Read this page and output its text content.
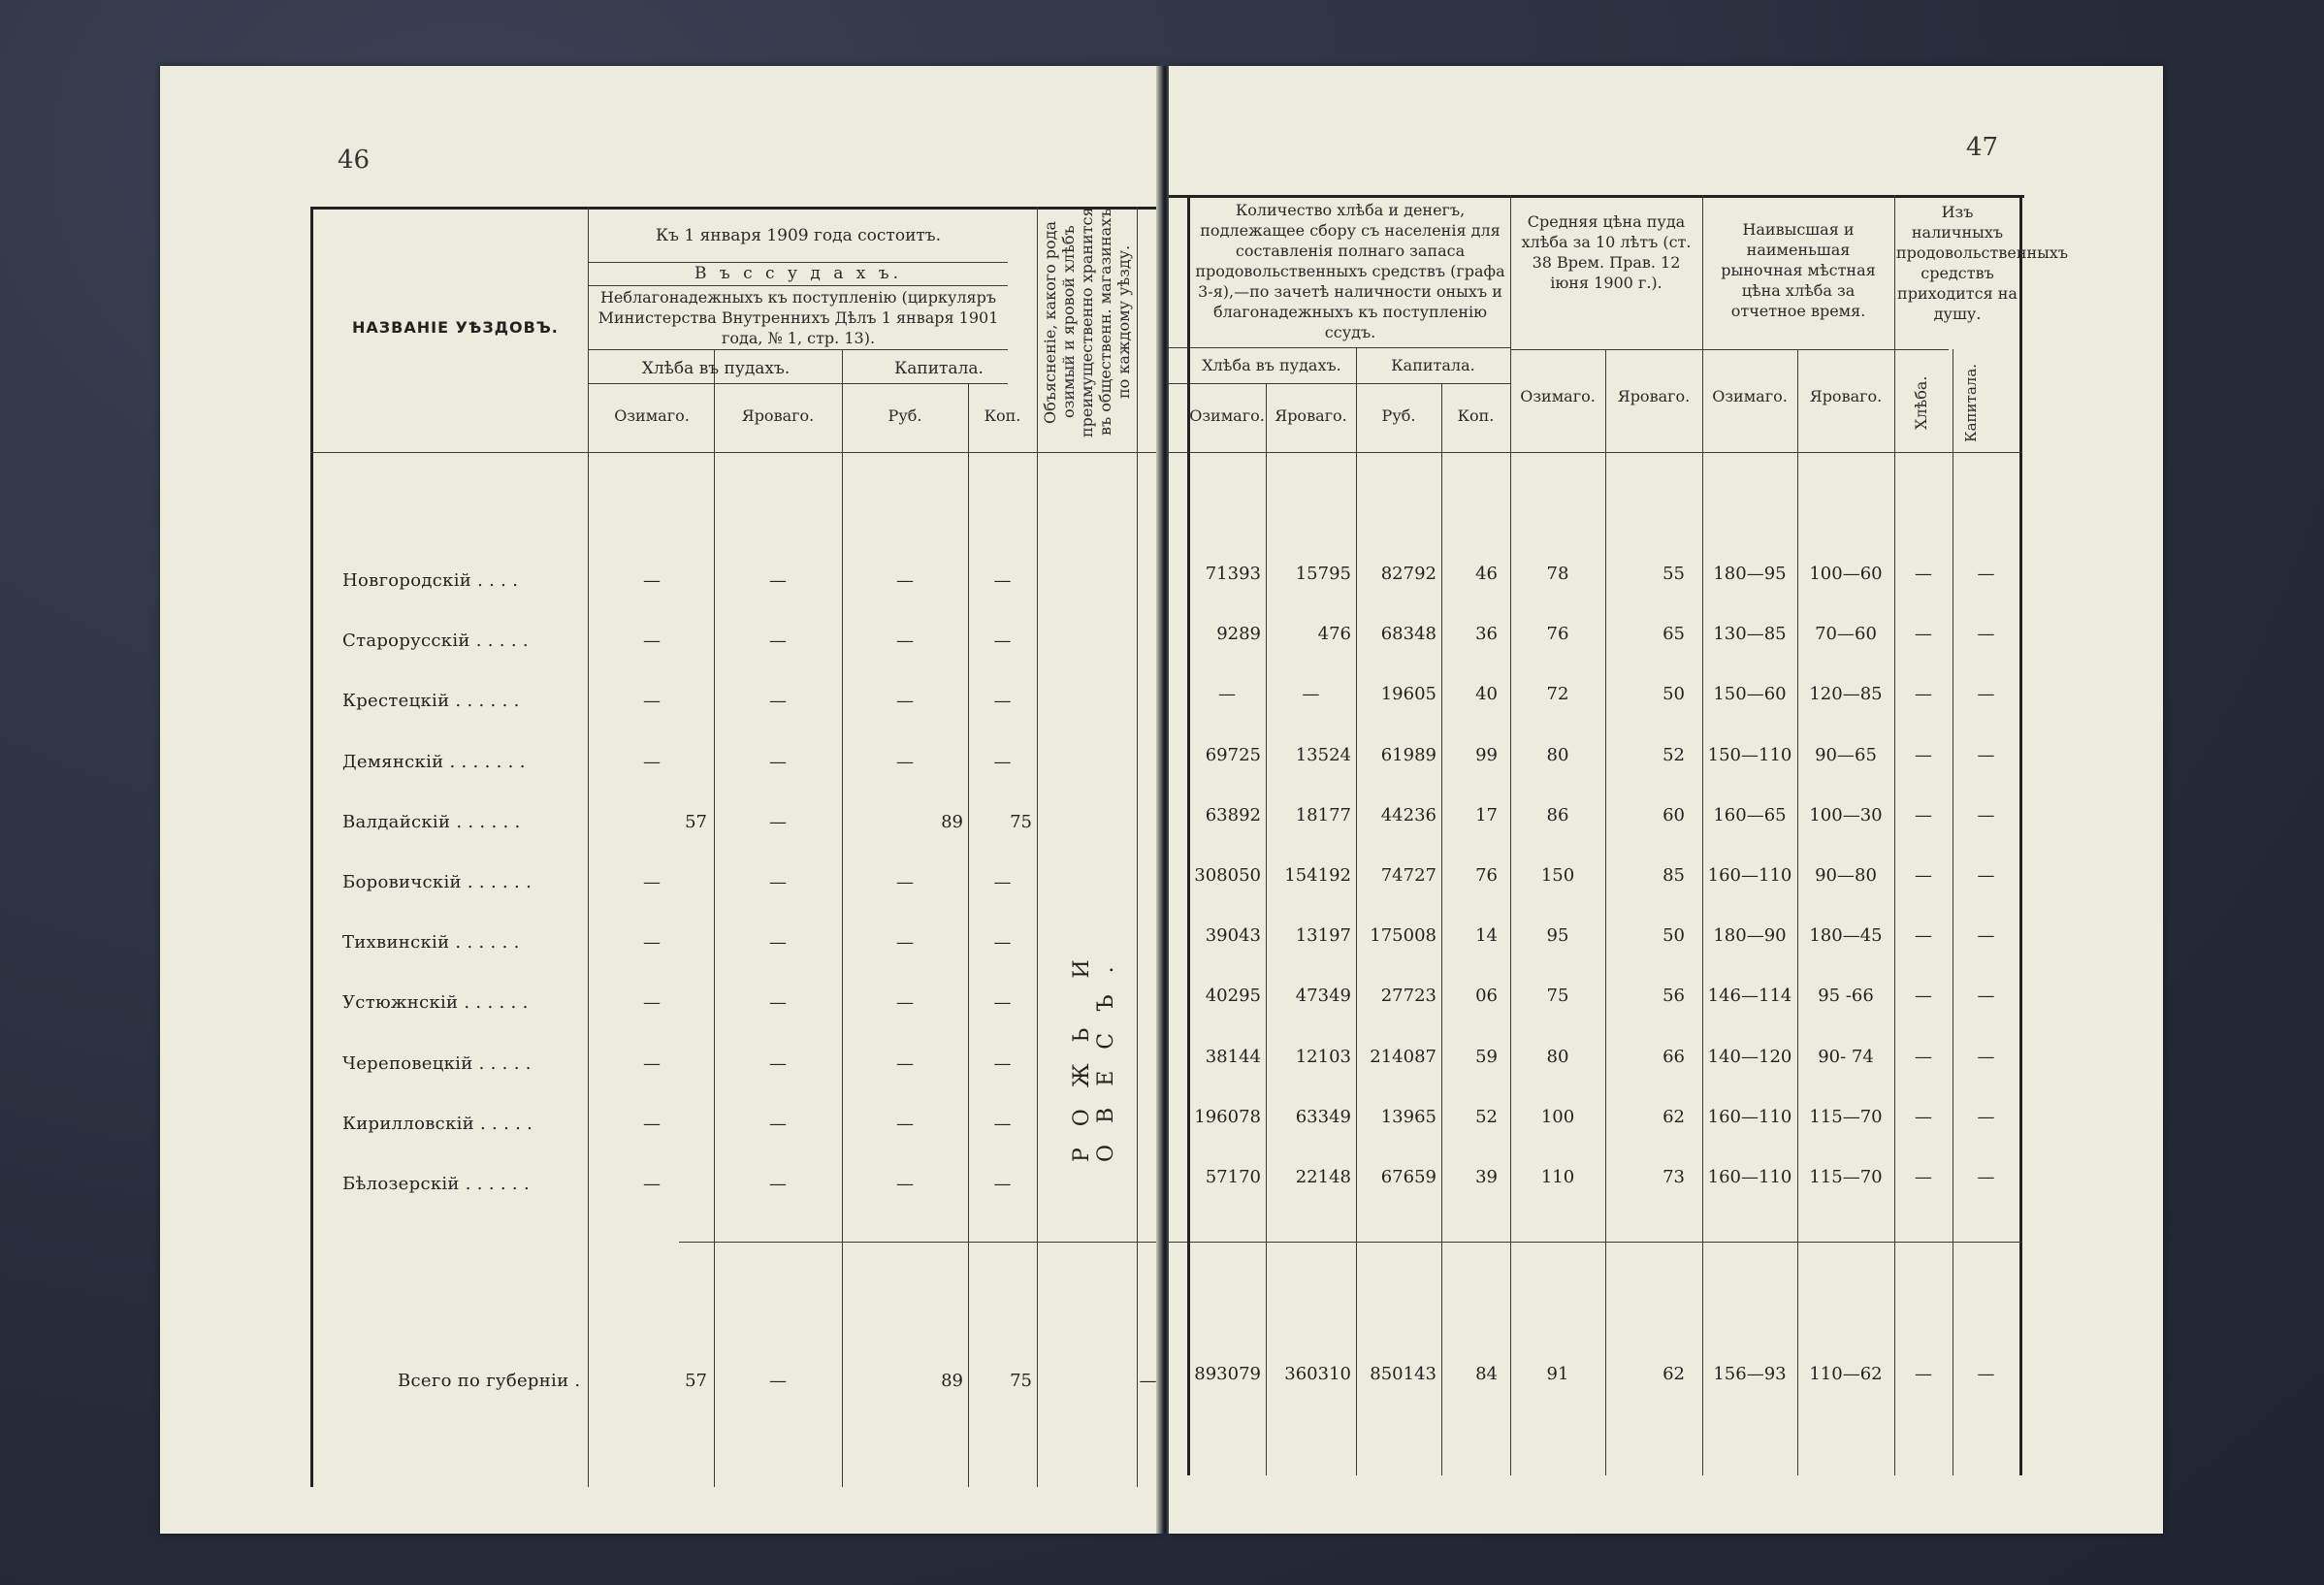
46
НАЗВАНІЕ УѢЗДОВЪ.
Къ 1 января 1909 года состоитъ.
В ъ с с у д а х ъ.
Неблагонадежныхъ къ поступленію (циркуляръ Министерства Внутреннихъ Дѣлъ 1 января 1901 года, № 1, стр. 13).
Хлѣба въ пудахъ.	Капитала.
Озимаго.	Яроваго.	Руб.	Коп.	Объясненіе, какого рода озимый и яровой хлѣбъ преимущественно хранится въ общественн. магазинахъ по каждому уѣзду.
РОЖЬ И ОВЕСЪ.
Новгородскій . . . .	—	—	—	—
Старорусскій . . . . .	—	—	—	—
Крестецкій . . . . . .	—	—	—	—
Демянскій . . . . . . .	—	—	—	—
Валдайскій . . . . . .	57	—	89	75
Боровичскій . . . . . .	—	—	—	—
Тихвинскій . . . . . .	—	—	—	—
Устюжнскій . . . . . .	—	—	—	—
Череповецкій . . . . .	—	—	—	—
Кирилловскій . . . . .	—	—	—	—
Бѣлозерскій . . . . . .	—	—	—	—
Всего по губерніи .	57	—	89	75	—
47
Количество хлѣба и денегъ, подлежащее сбору съ населенія для составленія полнаго запаса продовольственныхъ средствъ (графа 3-я),—по зачетѣ наличности оныхъ и благонадежныхъ къ поступленію ссудъ.
Средняя цѣна пуда хлѣба за 10 лѣтъ (ст. 38 Врем. Прав. 12 іюня 1900 г.).
Наивысшая и наименьшая рыночная мѣстная цѣна хлѣба за отчетное время.
Изъ наличныхъ продовольственныхъ средствъ приходится на душу.
Хлѣба въ пудахъ.	Капитала.
Озимаго. Яроваго.	Руб.	Коп.
Озимаго.	Яроваго.	Озимаго.	Яроваго.	Хлѣба.	Капитала.
71393	15795	82792	46	78	55	180—95	100—60	—	—
9289	476	68348	36	76	65	130—85	70—60	—	—
—	—	19605	40	72	50	150—60	120—85	—	—
69725	13524	61989	99	80	52	150—110	90—65	—	—
63892	18177	44236	17	86	60	160—65	100—30	—	—
308050	154192	74727	76	150	85	160—110	90—80	—	—
39043	13197	175008	14	95	50	180—90	180—45	—	—
40295	47349	27723	06	75	56	146—114	95 -66	—	—
38144	12103	214087	59	80	66	140—120	90- 74	—	—
196078	63349	13965	52	100	62	160—110	115—70	—	—
57170	22148	67659	39	110	73	160—110	115—70	—	—
893079	360310	850143	84	91	62	156—93	110—62	—	—
